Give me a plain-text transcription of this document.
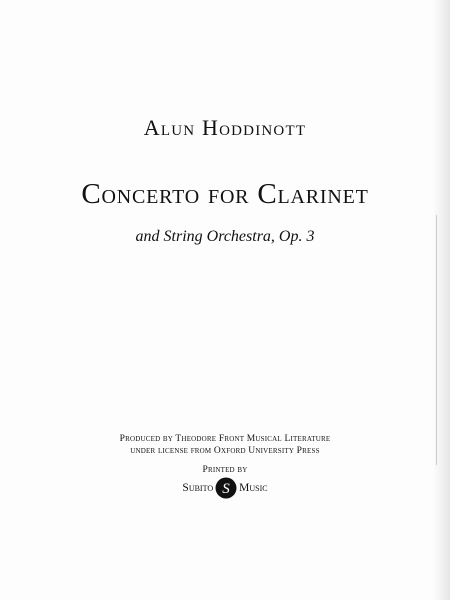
Alun Hoddinott
Concerto for Clarinet
and String Orchestra, Op. 3
Produced by Theodore Front Musical Literature
under license from Oxford University Press
Printed by
Subito S Music
